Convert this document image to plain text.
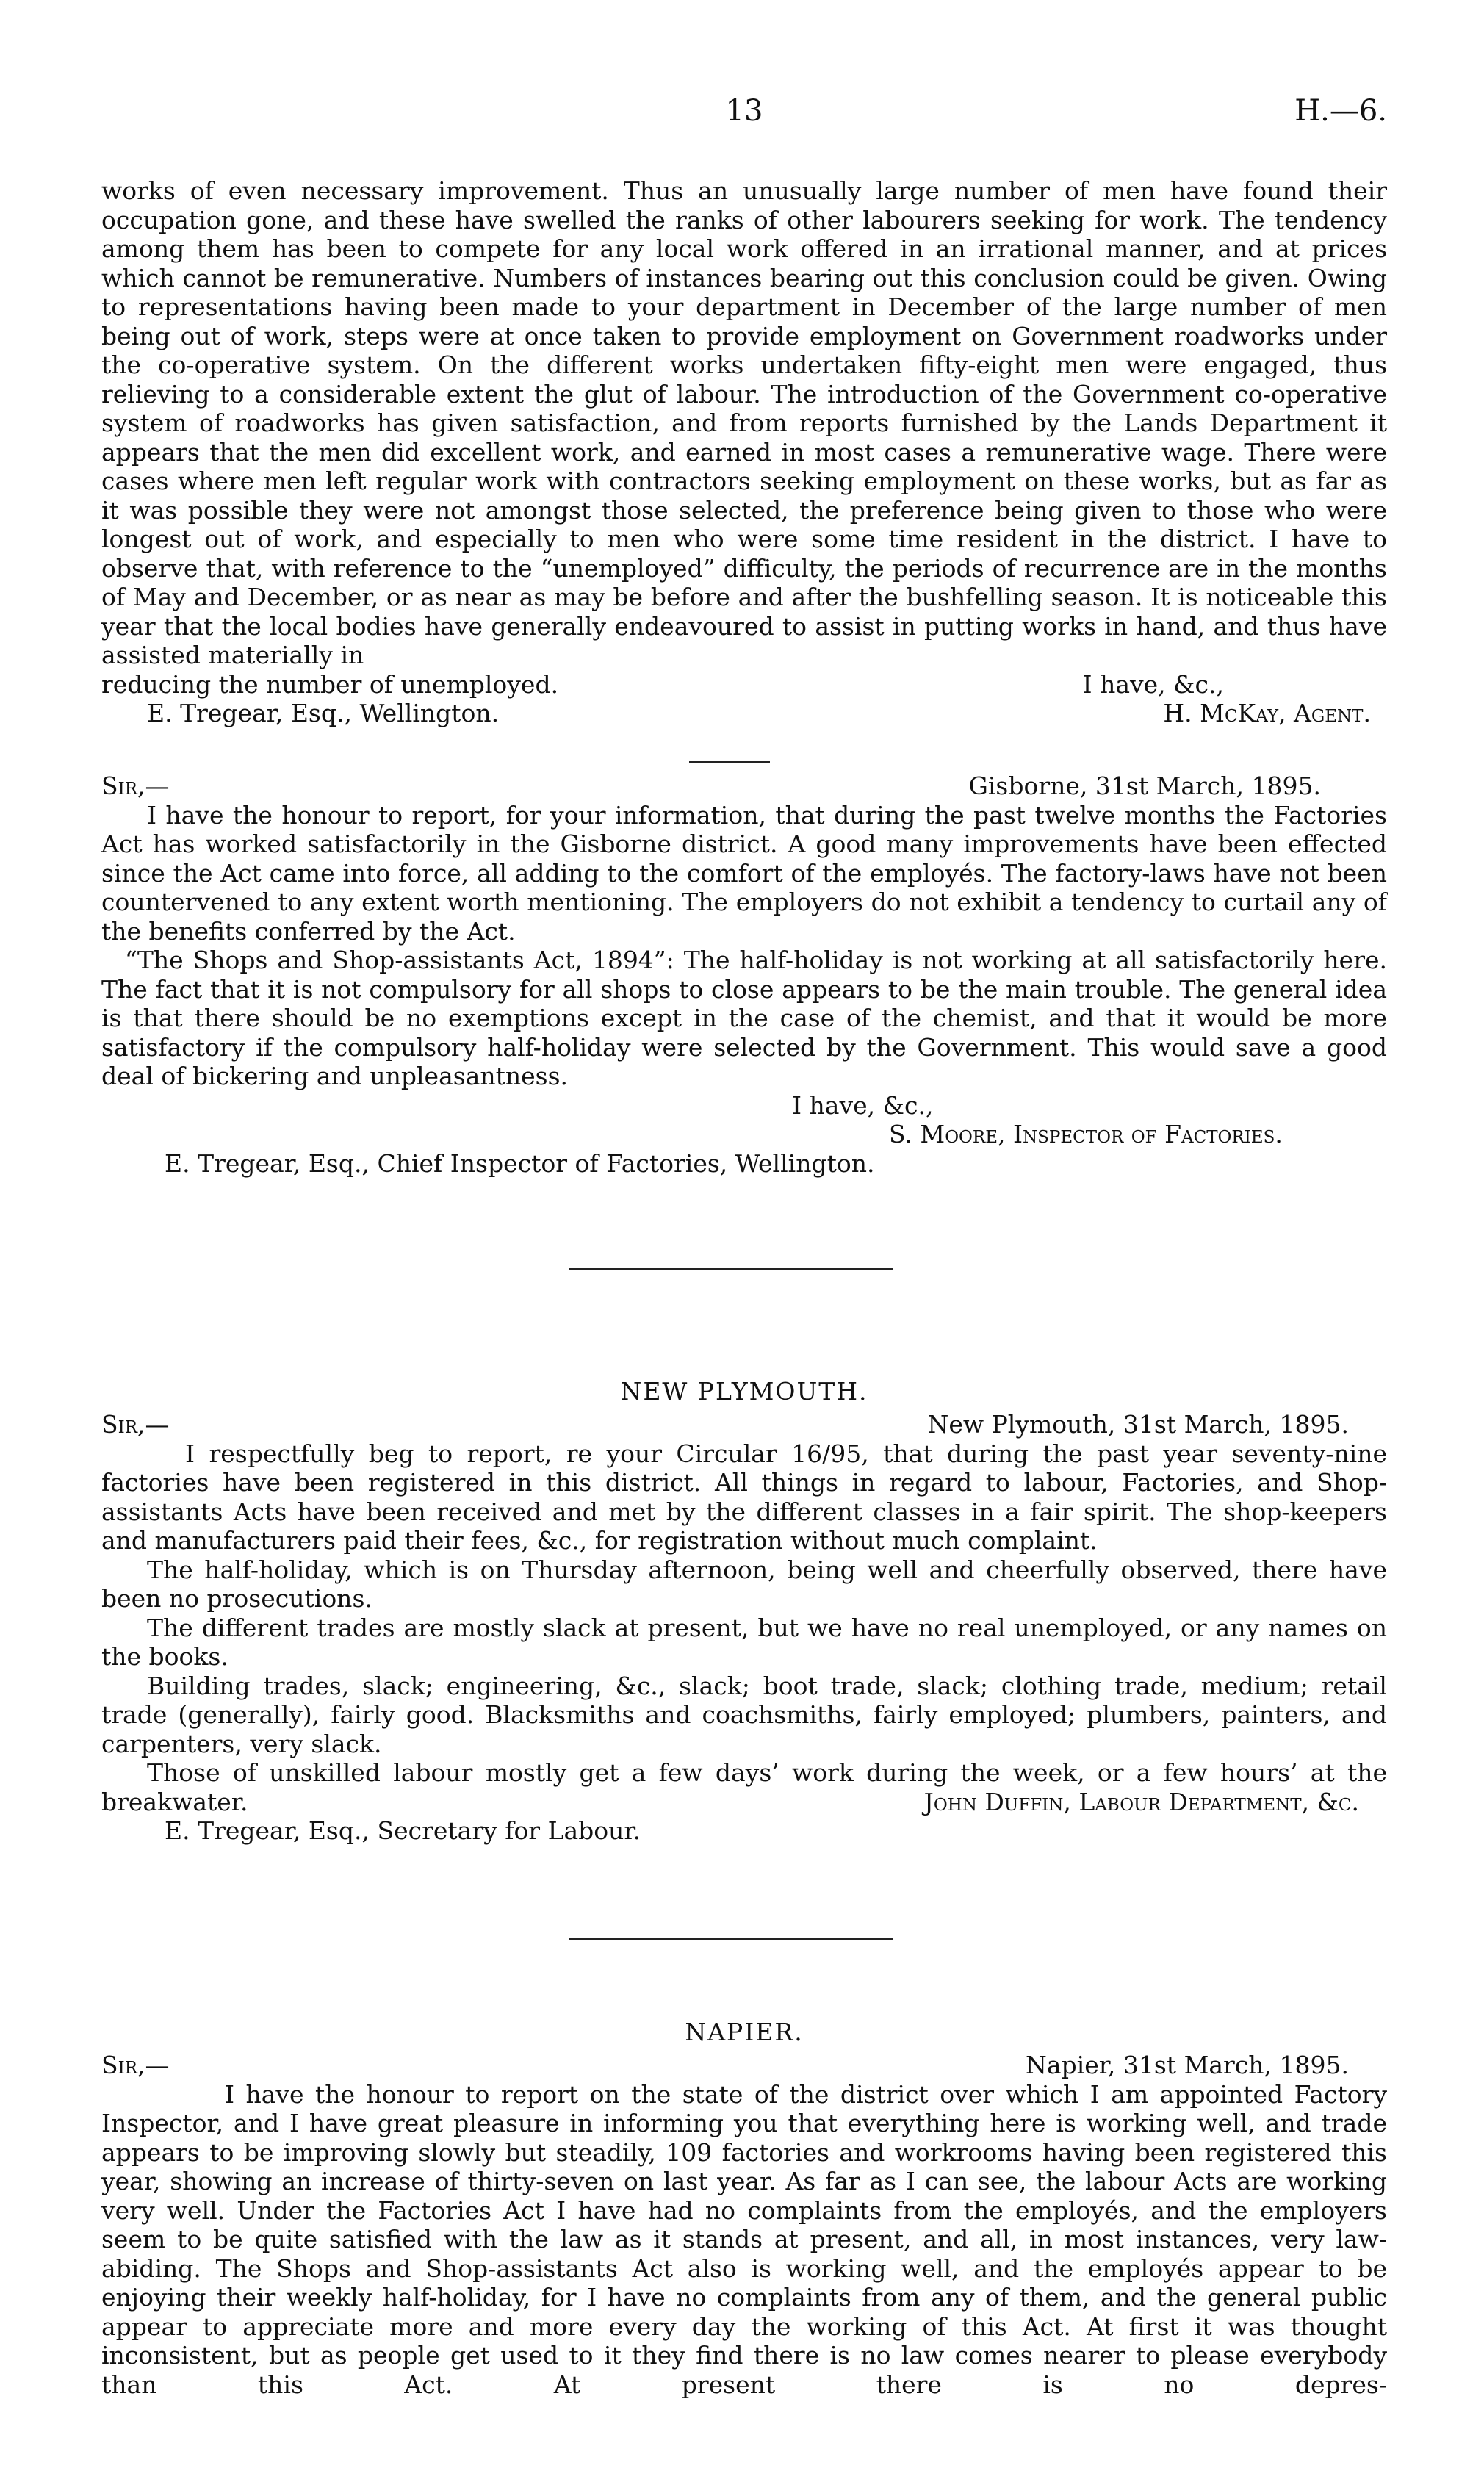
13	H.—6.

works of even necessary improvement. Thus an unusually large number of men have found their occupation gone, and these have swelled the ranks of other labourers seeking for work. The tendency among them has been to compete for any local work offered in an irrational manner, and at prices which cannot be remunerative. Numbers of instances bearing out this conclusion could be given. Owing to representations having been made to your department in December of the large number of men being out of work, steps were at once taken to provide employment on Government roadworks under the co-operative system. On the different works undertaken fifty-eight men were engaged, thus relieving to a considerable extent the glut of labour. The introduction of the Government co-operative system of roadworks has given satisfaction, and from reports furnished by the Lands Department it appears that the men did excellent work, and earned in most cases a remunerative wage. There were cases where men left regular work with contractors seeking employment on these works, but as far as it was possible they were not amongst those selected, the preference being given to those who were longest out of work, and especially to men who were some time resident in the district. I have to observe that, with reference to the “unemployed” difficulty, the periods of recurrence are in the months of May and December, or as near as may be before and after the bushfelling season. It is noticeable this year that the local bodies have generally endeavoured to assist in putting works in hand, and thus have assisted materially in

reducing the number of unemployed.	I have, &c.,
E. Tregear, Esq., Wellington.	H. McKay, Agent.
Sir,—	Gisborne, 31st March, 1895.

I have the honour to report, for your information, that during the past twelve months the Factories Act has worked satisfactorily in the Gisborne district. A good many improvements have been effected since the Act came into force, all adding to the comfort of the employés. The factory-laws have not been countervened to any extent worth mentioning. The employers do not exhibit a tendency to curtail any of the benefits conferred by the Act.

“The Shops and Shop-assistants Act, 1894”: The half-holiday is not working at all satisfactorily here. The fact that it is not compulsory for all shops to close appears to be the main trouble. The general idea is that there should be no exemptions except in the case of the chemist, and that it would be more satisfactory if the compulsory half-holiday were selected by the Government. This would save a good deal of bickering and unpleasantness.

I have, &c.,
S. Moore, Inspector of Factories.
E. Tregear, Esq., Chief Inspector of Factories, Wellington.
NEW PLYMOUTH.
Sir,—	New Plymouth, 31st March, 1895.

I respectfully beg to report, re your Circular 16/95, that during the past year seventy-nine factories have been registered in this district. All things in regard to labour, Factories, and Shop-assistants Acts have been received and met by the different classes in a fair spirit. The shop-keepers and manufacturers paid their fees, &c., for registration without much complaint.

The half-holiday, which is on Thursday afternoon, being well and cheerfully observed, there have been no prosecutions.

The different trades are mostly slack at present, but we have no real unemployed, or any names on the books.

Building trades, slack; engineering, &c., slack; boot trade, slack; clothing trade, medium; retail trade (generally), fairly good. Blacksmiths and coachsmiths, fairly employed; plumbers, painters, and carpenters, very slack.

Those of unskilled labour mostly get a few days’ work during the week, or a few hours’ at the

breakwater.	John Duffin, Labour Department, &c.
E. Tregear, Esq., Secretary for Labour.
NAPIER.
Sir,—	Napier, 31st March, 1895.

I have the honour to report on the state of the district over which I am appointed Factory Inspector, and I have great pleasure in informing you that everything here is working well, and trade appears to be improving slowly but steadily, 109 factories and workrooms having been registered this year, showing an increase of thirty-seven on last year. As far as I can see, the labour Acts are working very well. Under the Factories Act I have had no complaints from the employés, and the employers seem to be quite satisfied with the law as it stands at present, and all, in most instances, very law-abiding. The Shops and Shop-assistants Act also is working well, and the employés appear to be enjoying their weekly half-holiday, for I have no complaints from any of them, and the general public appear to appreciate more and more every day the working of this Act. At first it was thought inconsistent, but as people get used to it they find there is no law comes nearer to please everybody than this Act. At present there is no depres-
